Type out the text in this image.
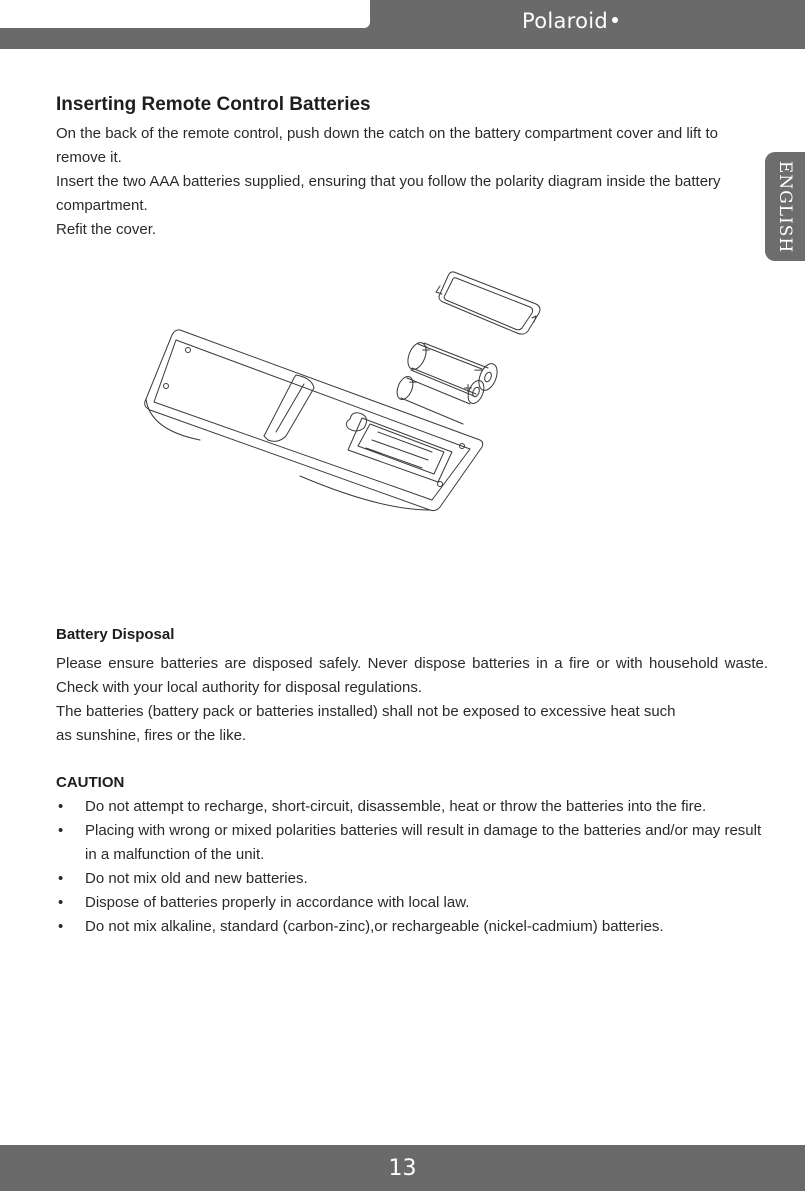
Polaroid
ENGLISH
Inserting Remote Control Batteries

On the back of the remote control, push down the catch on the battery compartment cover and lift to remove it.

Insert the two AAA batteries supplied, ensuring that you follow the polarity diagram inside the battery compartment.

Refit the cover.

+
−
−	+
Battery Disposal

Please ensure batteries are disposed safely. Never dispose batteries in a fire or with household waste. Check with your local authority for disposal regulations.

The batteries (battery pack or batteries installed) shall not be exposed to excessive heat such

as sunshine, fires or the like.

CAUTION
• Do not attempt to recharge, short-circuit, disassemble, heat or throw the batteries into the fire.
• Placing with wrong or mixed polarities batteries will result in damage to the batteries and/or may result in a malfunction of the unit.
• Do not mix old and new batteries.
• Dispose of batteries properly in accordance with local law.
• Do not mix alkaline, standard (carbon-zinc),or rechargeable (nickel-cadmium) batteries.
13
